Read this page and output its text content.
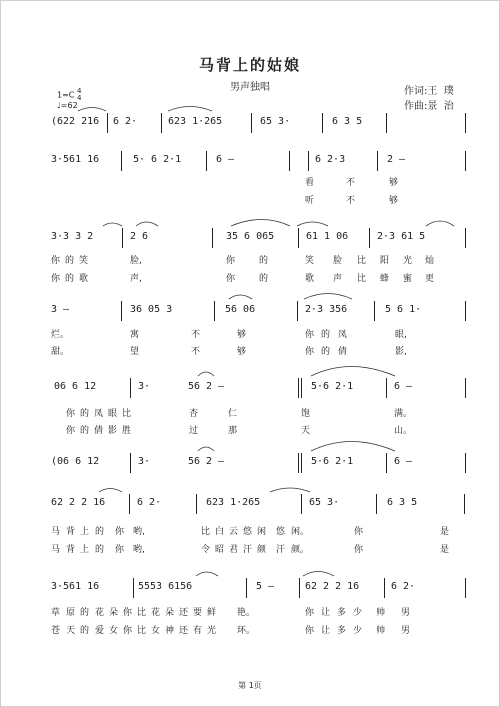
马背上的姑娘
男声独唱
1=C 4
4
♩=62
作词:王  璞
作曲:景  治
(622 216 6 2·	623 1·265	65 3·	6 3 5
3·561 16	5· 6 2·1	6 –	6 2·3	2 –
3·3 3 2	2 6	35 6 065	61 1 06	2·3 61 5
3 –	36 05 3	56 06	2·3 356	5 6 1·
06 6 12	3·	56 2 –	5·6 2·1	6 –
(06 6 12	3·	56 2 –	5·6 2·1	6 –
62 2 2 16	6 2·	623 1·265	65 3·	6 3 5
3·561 16	5553 6156	5 –	62 2 2 16	6 2·
看	不	够
听	不	够
你 的 笑	脸,	你	的	笑 脸 比 阳 光 灿
你 的 歌	声,	你	的	歌 声 比 蜂 蜜 更
烂。	寓	不	够	你 的 凤	眼,
甜。	望	不	够	你 的 倩	影,
你 的 凤 眼 比	杏	仁	饱	满。
你 的 倩 影 胜	过	那	天	山。
马 背 上 的 你 哟,	比 白 云 悠 闲 悠 闲。	你	是
马 背 上 的 你 哟,	令 昭 君 汗 颜 汗 颜。	你	是
草 原 的 花 朵 你 比 花 朵 还 要 鲜 艳。	你 让 多 少 帅 男
苍 天 的 爱 女 你 比 女 神 还 有 光 环。	你 让 多 少 帅 男
第 1页
